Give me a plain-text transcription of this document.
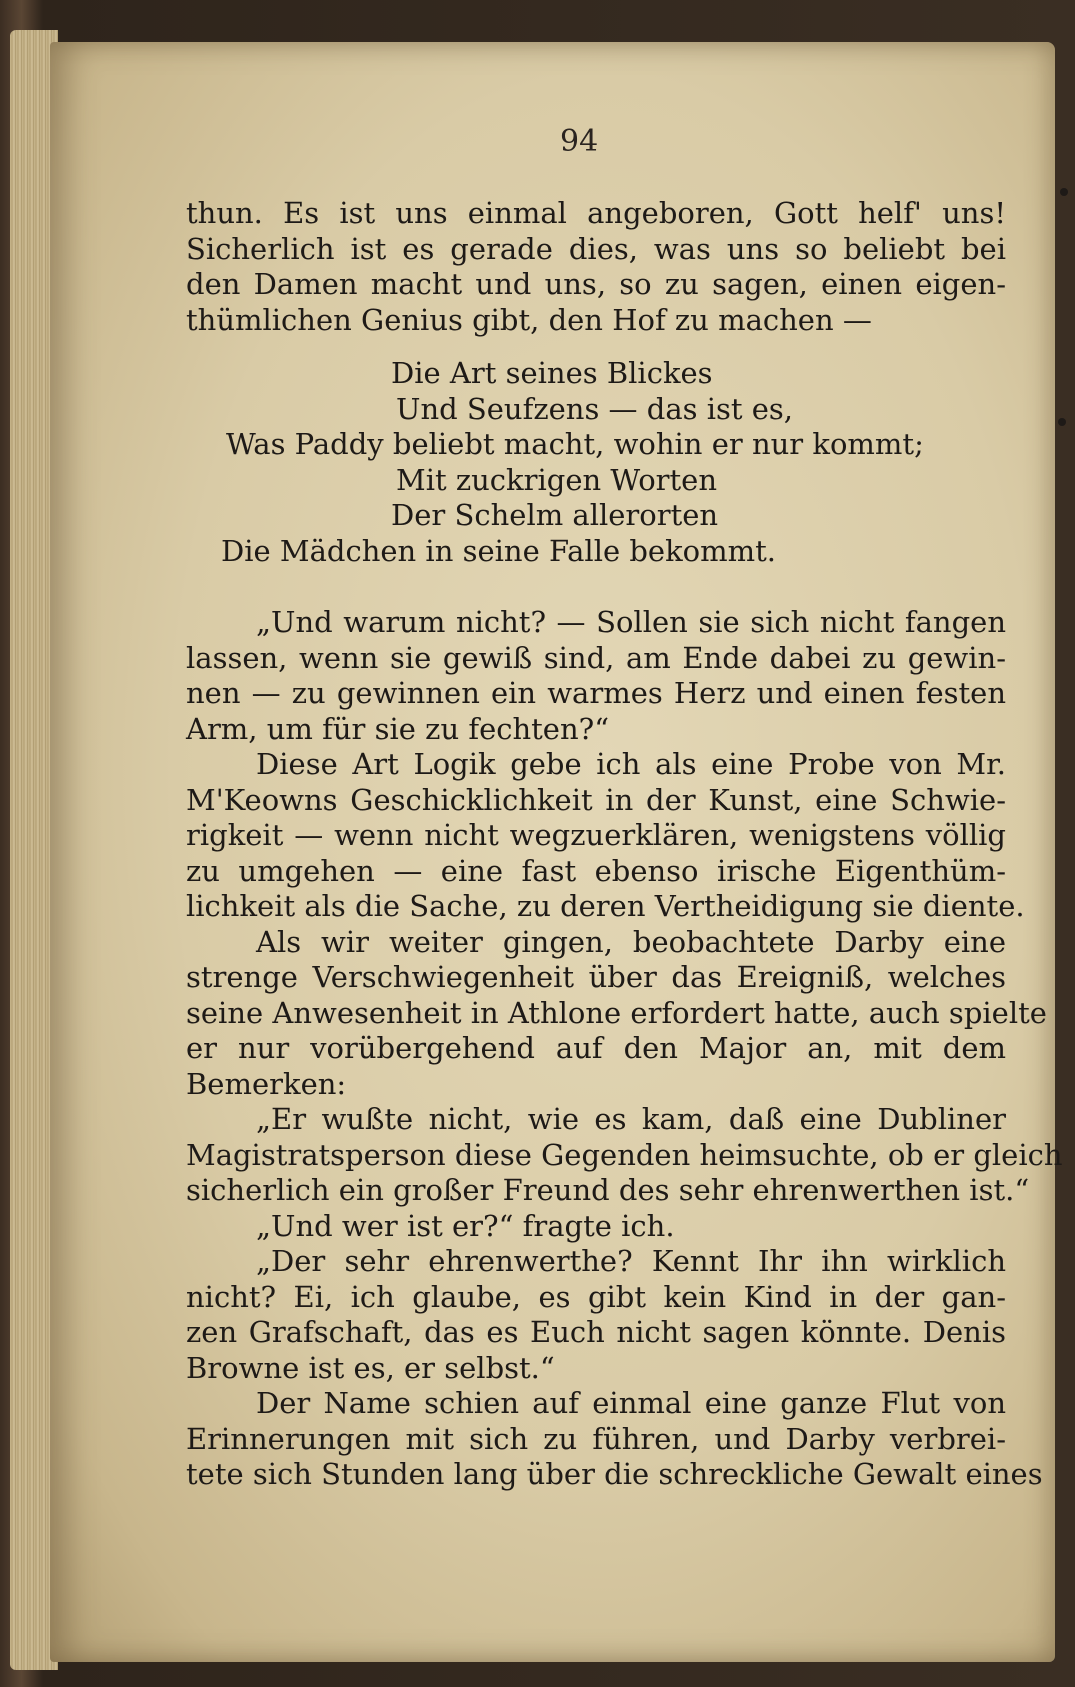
94

thun. Es ist uns einmal angeboren, Gott helf' uns!
Sicherlich ist es gerade dies, was uns so beliebt bei
den Damen macht und uns, so zu sagen, einen eigen-
thümlichen Genius gibt, den Hof zu machen —

Die Art seines Blickes
Und Seufzens — das ist es,
Was Paddy beliebt macht, wohin er nur kommt;
Mit zuckrigen Worten
Der Schelm allerorten
Die Mädchen in seine Falle bekommt.

„Und warum nicht? — Sollen sie sich nicht fangen
lassen, wenn sie gewiß sind, am Ende dabei zu gewin-
nen — zu gewinnen ein warmes Herz und einen festen
Arm, um für sie zu fechten?“

Diese Art Logik gebe ich als eine Probe von Mr.
M'Keowns Geschicklichkeit in der Kunst, eine Schwie-
rigkeit — wenn nicht wegzuerklären, wenigstens völlig
zu umgehen — eine fast ebenso irische Eigenthüm-
lichkeit als die Sache, zu deren Vertheidigung sie diente.

Als wir weiter gingen, beobachtete Darby eine
strenge Verschwiegenheit über das Ereigniß, welches
seine Anwesenheit in Athlone erfordert hatte, auch spielte
er nur vorübergehend auf den Major an, mit dem
Bemerken:

„Er wußte nicht, wie es kam, daß eine Dubliner
Magistratsperson diese Gegenden heimsuchte, ob er gleich
sicherlich ein großer Freund des sehr ehrenwerthen ist.“

„Und wer ist er?“ fragte ich.

„Der sehr ehrenwerthe? Kennt Ihr ihn wirklich
nicht? Ei, ich glaube, es gibt kein Kind in der gan-
zen Grafschaft, das es Euch nicht sagen könnte. Denis
Browne ist es, er selbst.“

Der Name schien auf einmal eine ganze Flut von
Erinnerungen mit sich zu führen, und Darby verbrei-
tete sich Stunden lang über die schreckliche Gewalt eines
